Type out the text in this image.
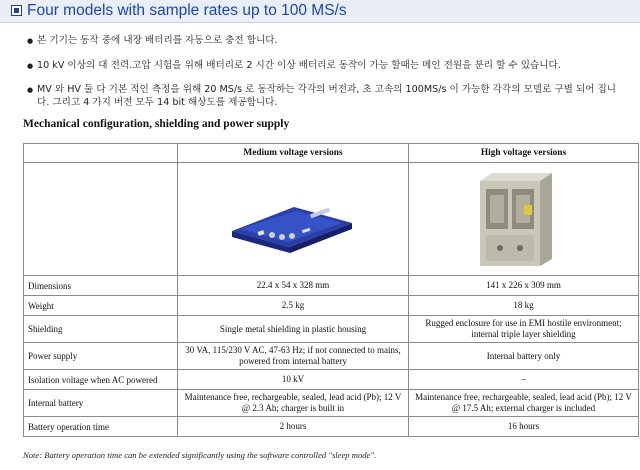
Four models with sample rates up to 100 MS/s
● 본 기기는 동작 중에 내장 배터리를 자동으로 충전 합니다.
● 10 kV 이상의 대 전력.고압 시험을 위해 배터리로 2 시간 이상 배터리로 동작이 가능 할때는 메인 전원을 분리 할 수 있습니다.
● MV 와 HV 둘 다 기본 적인 측정을 위해 20 MS/s 로 동작하는 각각의 버전과, 초 고속의 100MS/s 이 가능한 각각의 모델로 구별 되어 집니다. 그리고 4 가지 버전 모두 14 bit 해상도를 제공합니다.
Mechanical configuration, shielding and power supply
	Medium voltage versions	High voltage versions

Dimensions	22.4 x 54 x 328 mm	141 x 226 x 309 mm
Weight	2.5 kg	18 kg
Shielding	Single metal shielding in plastic housing	Rugged enclosure for use in EMI hostile environment; internal triple layer shielding
Power supply	30 VA, 115/230 V AC, 47-63 Hz; if not connected to mains, powered from internal battery	Internal battery only
Isolation voltage when AC powered	10 kV	–
Internal battery	Maintenance free, rechargeable, sealed, lead acid (Pb); 12 V @ 2.3 Ah; charger is built in	Maintenance free, rechargeable, sealed, lead acid (Pb); 12 V @ 17.5 Ah; external charger is included
Battery operation time	2 hours	16 hours
Note: Battery operation time can be extended significantly using the software controlled "sleep mode".
